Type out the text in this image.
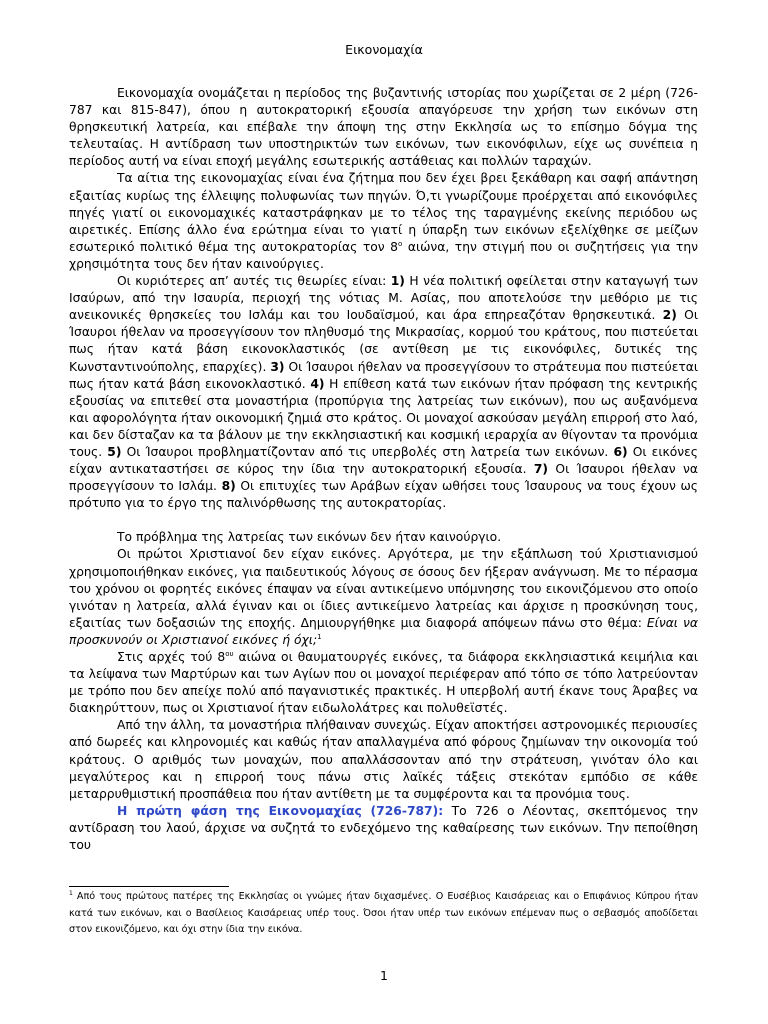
Εικονομαχία

Εικονομαχία ονομάζεται η περίοδος της βυζαντινής ιστορίας που χωρίζεται σε 2 μέρη (726-787 και 815-847), όπου η αυτοκρατορική εξουσία απαγόρευσε την χρήση των εικόνων στη θρησκευτική λατρεία, και επέβαλε την άποψη της στην Εκκλησία ως το επίσημο δόγμα της τελευταίας. Η αντίδραση των υποστηρικτών των εικόνων, των εικονόφιλων, είχε ως συνέπεια η περίοδος αυτή να είναι εποχή μεγάλης εσωτερικής αστάθειας και πολλών ταραχών.

Τα αίτια της εικονομαχίας είναι ένα ζήτημα που δεν έχει βρει ξεκάθαρη και σαφή απάντηση εξαιτίας κυρίως της έλλειψης πολυφωνίας των πηγών. Ό,τι γνωρίζουμε προέρχεται από εικονόφιλες πηγές γιατί οι εικονομαχικές καταστράφηκαν με το τέλος της ταραγμένης εκείνης περιόδου ως αιρετικές. Επίσης άλλο ένα ερώτημα είναι το γιατί η ύπαρξη των εικόνων εξελίχθηκε σε μείζων εσωτερικό πολιτικό θέμα της αυτοκρατορίας τον $8^o$ αιώνα, την στιγμή που οι συζητήσεις για την χρησιμότητα τους δεν ήταν καινούργιες.

Οι κυριότερες απ’ αυτές τις θεωρίες είναι: 1) Η νέα πολιτική οφείλεται στην καταγωγή των Ισαύρων, από την Ισαυρία, περιοχή της νότιας Μ. Ασίας, που αποτελούσε την μεθόριο με τις ανεικονικές θρησκείες του Ισλάμ και του Ιουδαϊσμού, και άρα επηρεαζόταν θρησκευτικά. 2) Οι Ίσαυροι ήθελαν να προσεγγίσουν τον πληθυσμό της Μικρασίας, κορμού του κράτους, που πιστεύεται πως ήταν κατά βάση εικονοκλαστικός (σε αντίθεση με τις εικονόφιλες, δυτικές της Κωνσταντινούπολης, επαρχίες). 3) Οι Ίσαυροι ήθελαν να προσεγγίσουν το στράτευμα που πιστεύεται πως ήταν κατά βάση εικονοκλαστικό. 4) Η επίθεση κατά των εικόνων ήταν πρόφαση της κεντρικής εξουσίας να επιτεθεί στα μοναστήρια (προπύργια της λατρείας των εικόνων), που ως αυξανόμενα και αφορολόγητα ήταν οικονομική ζημιά στο κράτος. Οι μοναχοί ασκούσαν μεγάλη επιρροή στο λαό, και δεν δίσταζαν κα τα βάλουν με την εκκλησιαστική και κοσμική ιεραρχία αν θίγονταν τα προνόμια τους. 5) Οι Ίσαυροι προβληματίζονταν από τις υπερβολές στη λατρεία των εικόνων. 6) Οι εικόνες είχαν αντικαταστήσει σε κύρος την ίδια την αυτοκρατορική εξουσία. 7) Οι Ίσαυροι ήθελαν να προσεγγίσουν το Ισλάμ. 8) Οι επιτυχίες των Αράβων είχαν ωθήσει τους Ίσαυρους να τους έχουν ως πρότυπο για το έργο της παλινόρθωσης της αυτοκρατορίας.

Το πρόβλημα της λατρείας των εικόνων δεν ήταν καινούργιο.

Οι πρώτοι Χριστιανοί δεν είχαν εικόνες. Αργότερα, με την εξάπλωση τού Χριστιανισμού χρησιμοποιήθηκαν εικόνες, για παιδευτικούς λόγους σε όσους δεν ήξεραν ανάγνωση. Με το πέρασμα του χρόνου οι φορητές εικόνες έπαψαν να είναι αντικείμενο υπόμνησης του εικονιζόμενου στο οποίο γινόταν η λατρεία, αλλά έγιναν και οι ίδιες αντικείμενο λατρείας και άρχισε η προσκύνηση τους, εξαιτίας των δοξασιών της εποχής. Δημιουργήθηκε μια διαφορά απόψεων πάνω στο θέμα: Είναι να προσκυνούν οι Χριστιανοί εικόνες ή όχι;$^1$

Στις αρχές τού $8^{o\upsilon}$ αιώνα οι θαυματουργές εικόνες, τα διάφορα εκκλησιαστικά κειμήλια και τα λείψανα των Μαρτύρων και των Αγίων που οι μοναχοί περιέφεραν από τόπο σε τόπο λατρεύονταν με τρόπο που δεν απείχε πολύ από παγανιστικές πρακτικές. Η υπερβολή αυτή έκανε τους Άραβες να διακηρύττουν, πως οι Χριστιανοί ήταν ειδωλολάτρες και πολυθεϊστές.

Από την άλλη, τα μοναστήρια πλήθαιναν συνεχώς. Είχαν αποκτήσει αστρονομικές περιουσίες από δωρεές και κληρονομιές και καθώς ήταν απαλλαγμένα από φόρους ζημίωναν την οικονομία τού κράτους. Ο αριθμός των μοναχών, που απαλλάσσονταν από την στράτευση, γινόταν όλο και μεγαλύτερος και η επιρροή τους πάνω στις λαϊκές τάξεις στεκόταν εμπόδιο σε κάθε μεταρρυθμιστική προσπάθεια που ήταν αντίθετη με τα συμφέροντα και τα προνόμια τους.

Η πρώτη φάση της Εικονομαχίας (726-787): Το 726 ο Λέοντας, σκεπτόμενος την αντίδραση του λαού, άρχισε να συζητά το ενδεχόμενο της καθαίρεσης των εικόνων. Την πεποίθηση του

$^1$ Από τους πρώτους πατέρες της Εκκλησίας οι γνώμες ήταν διχασμένες. Ο Ευσέβιος Καισάρειας και ο Επιφάνιος Κύπρου ήταν κατά των εικόνων, και ο Βασίλειος Καισάρειας υπέρ τους. Όσοι ήταν υπέρ των εικόνων επέμεναν πως ο σεβασμός αποδίδεται στον εικονιζόμενο, και όχι στην ίδια την εικόνα.
1
